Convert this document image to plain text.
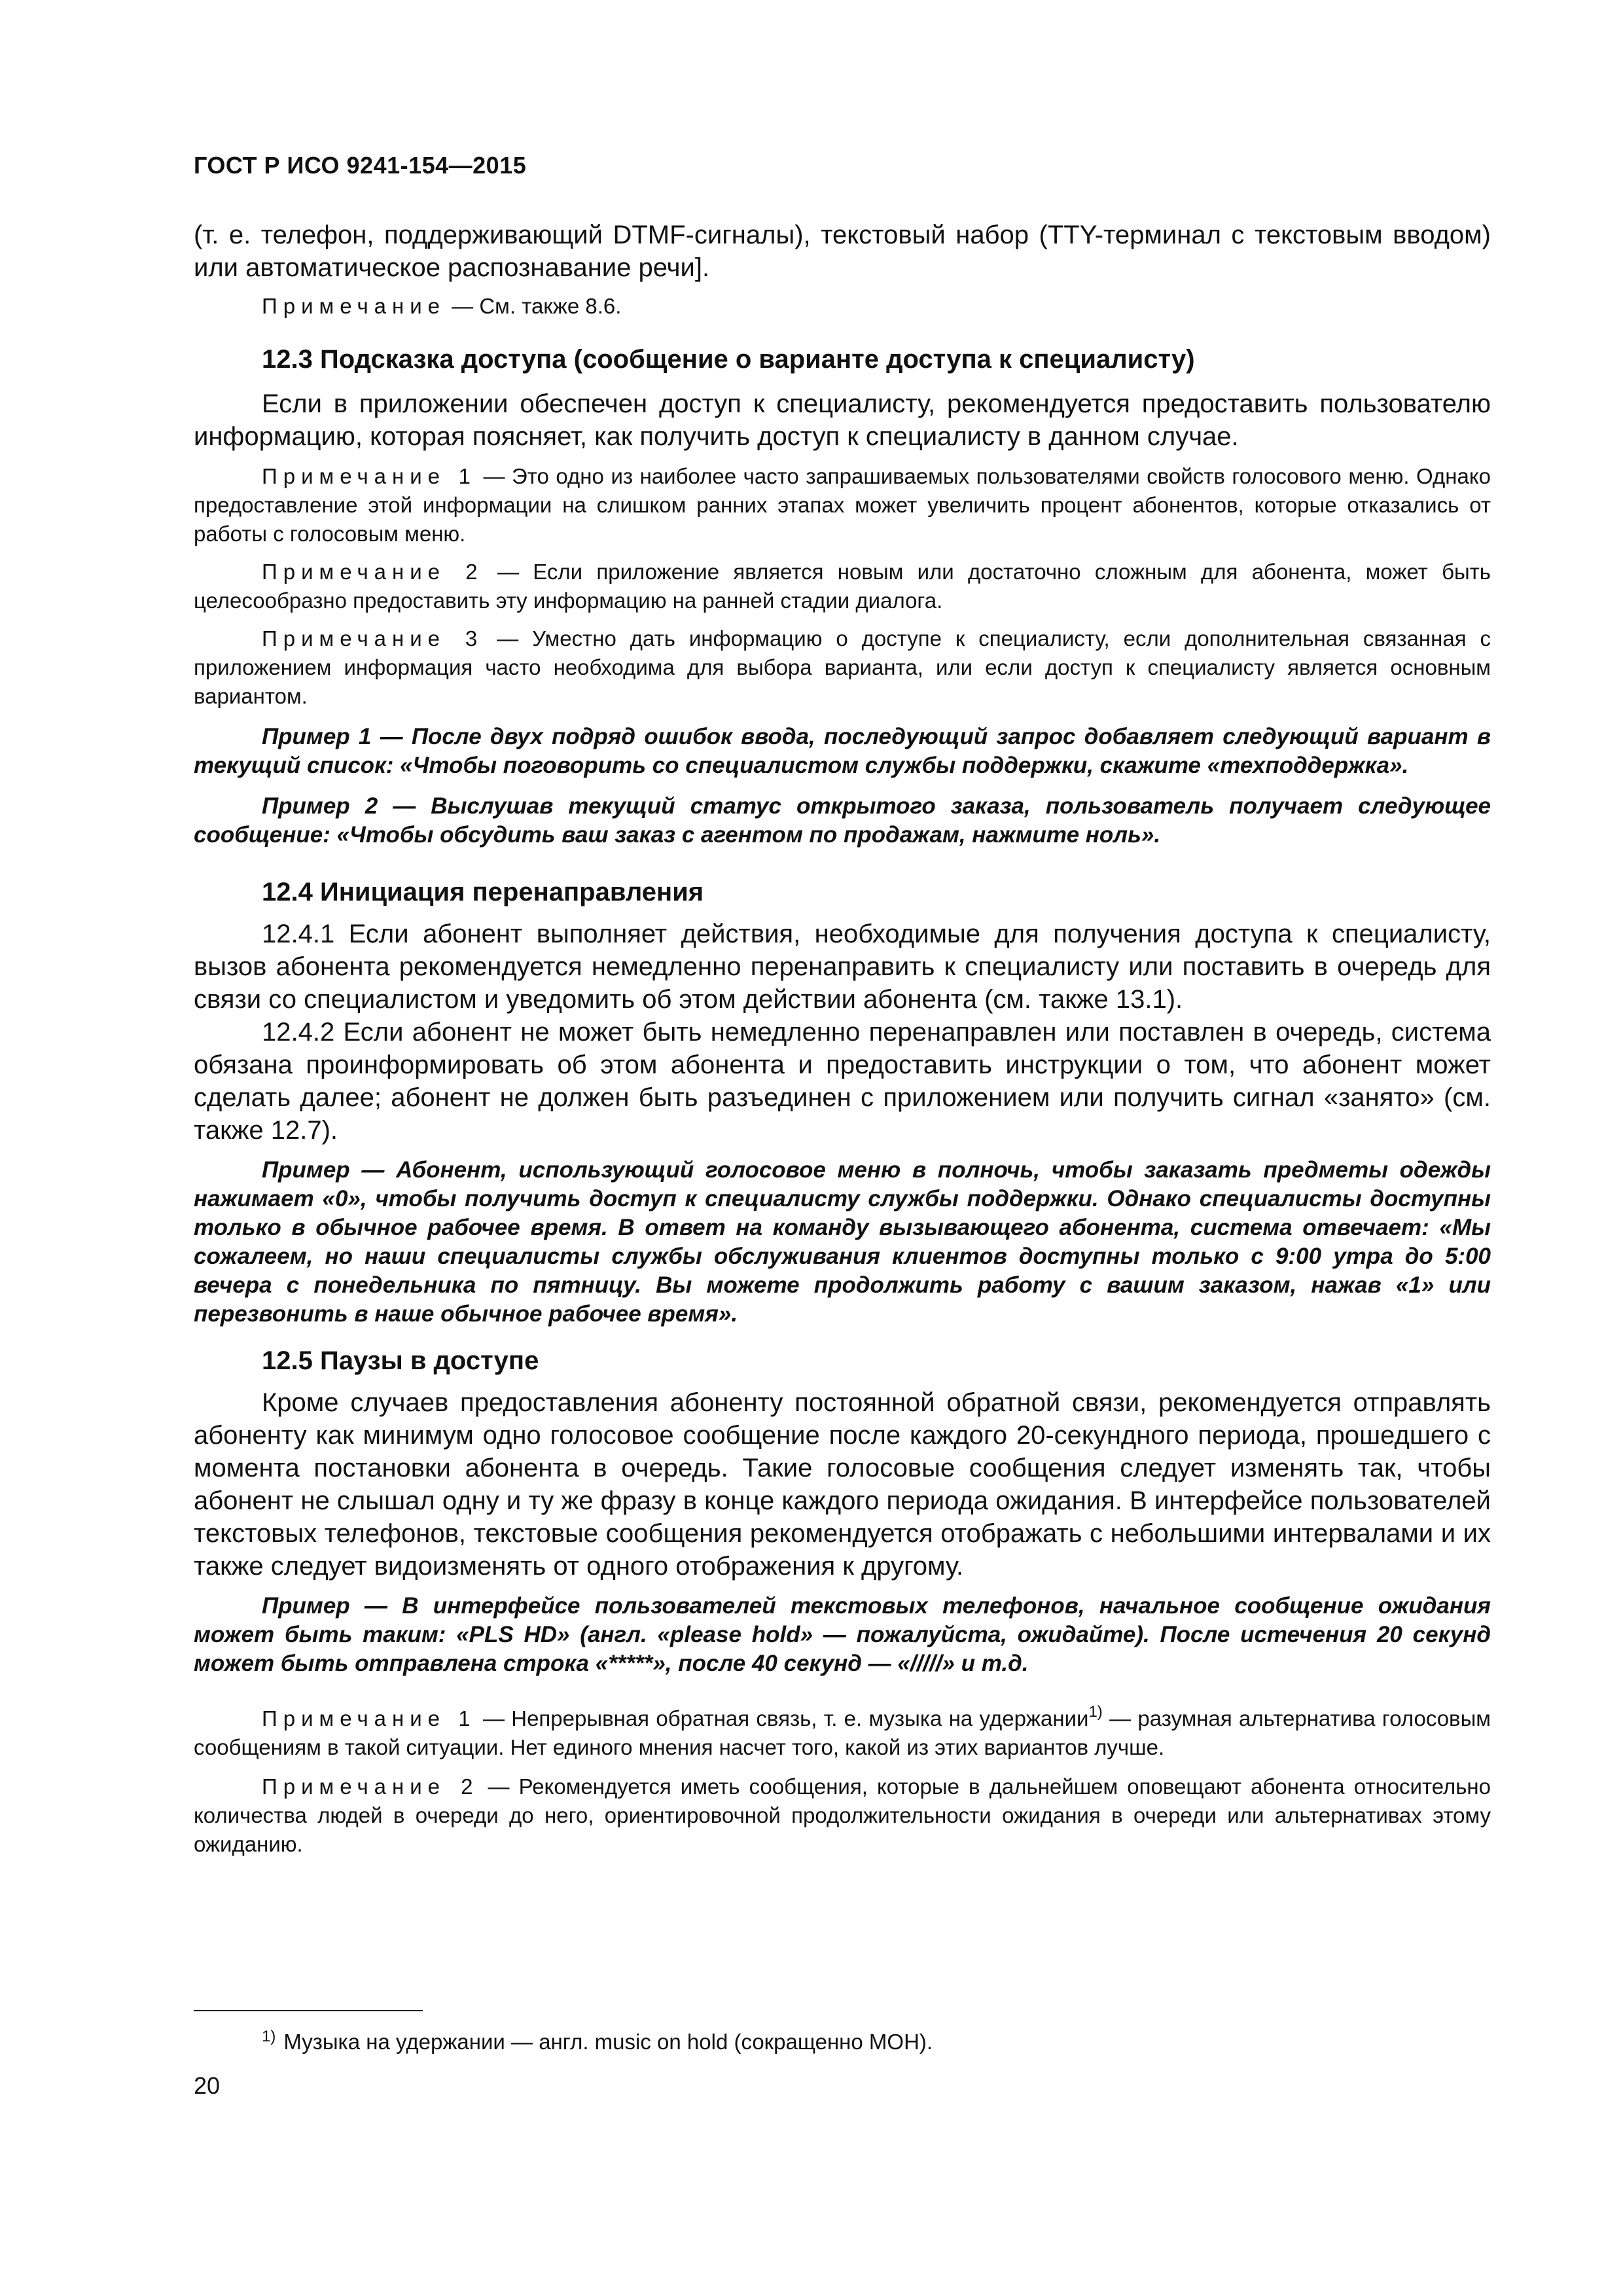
ГОСТ Р ИСО 9241-154—2015

(т. е. телефон, поддерживающий DTMF-сигналы), текстовый набор (TTY-терминал с текстовым вводом) или автоматическое распознавание речи].

Примечание — См. также 8.6.

12.3 Подсказка доступа (сообщение о варианте доступа к специалисту)

Если в приложении обеспечен доступ к специалисту, рекомендуется предоставить пользователю информацию, которая поясняет, как получить доступ к специалисту в данном случае.

Примечание 1 — Это одно из наиболее часто запрашиваемых пользователями свойств голосового меню. Однако предоставление этой информации на слишком ранних этапах может увеличить процент абонентов, которые отказались от работы с голосовым меню.

Примечание 2 — Если приложение является новым или достаточно сложным для абонента, может быть целесообразно предоставить эту информацию на ранней стадии диалога.

Примечание 3 — Уместно дать информацию о доступе к специалисту, если дополнительная связанная с приложением информация часто необходима для выбора варианта, или если доступ к специалисту является основным вариантом.

Пример 1 — После двух подряд ошибок ввода, последующий запрос добавляет следующий вариант в текущий список: «Чтобы поговорить со специалистом службы поддержки, скажите «техподдержка».

Пример 2 — Выслушав текущий статус открытого заказа, пользователь получает следующее сообщение: «Чтобы обсудить ваш заказ с агентом по продажам, нажмите ноль».

12.4 Инициация перенаправления

12.4.1 Если абонент выполняет действия, необходимые для получения доступа к специалисту, вызов абонента рекомендуется немедленно перенаправить к специалисту или поставить в очередь для связи со специалистом и уведомить об этом действии абонента (см. также 13.1).

12.4.2 Если абонент не может быть немедленно перенаправлен или поставлен в очередь, система обязана проинформировать об этом абонента и предоставить инструкции о том, что абонент может сделать далее; абонент не должен быть разъединен с приложением или получить сигнал «занято» (см. также 12.7).

Пример — Абонент, использующий голосовое меню в полночь, чтобы заказать предметы одежды нажимает «0», чтобы получить доступ к специалисту службы поддержки. Однако специалисты доступны только в обычное рабочее время. В ответ на команду вызывающего абонента, система отвечает: «Мы сожалеем, но наши специалисты службы обслуживания клиентов доступны только с 9:00 утра до 5:00 вечера с понедельника по пятницу. Вы можете продолжить работу с вашим заказом, нажав «1» или перезвонить в наше обычное рабочее время».

12.5 Паузы в доступе

Кроме случаев предоставления абоненту постоянной обратной связи, рекомендуется отправлять абоненту как минимум одно голосовое сообщение после каждого 20-секундного периода, прошедшего с момента постановки абонента в очередь. Такие голосовые сообщения следует изменять так, чтобы абонент не слышал одну и ту же фразу в конце каждого периода ожидания. В интерфейсе пользователей текстовых телефонов, текстовые сообщения рекомендуется отображать с небольшими интервалами и их также следует видоизменять от одного отображения к другому.

Пример — В интерфейсе пользователей текстовых телефонов, начальное сообщение ожидания может быть таким: «PLS HD» (англ. «please hold» — пожалуйста, ожидайте). После истечения 20 секунд может быть отправлена строка «*****», после 40 секунд — «/////» и т.д.

Примечание 1 — Непрерывная обратная связь, т. е. музыка на удержании$^{1)}$ — разумная альтернатива голосовым сообщениям в такой ситуации. Нет единого мнения насчет того, какой из этих вариантов лучше.

Примечание 2 — Рекомендуется иметь сообщения, которые в дальнейшем оповещают абонента относительно количества людей в очереди до него, ориентировочной продолжительности ожидания в очереди или альтернативах этому ожиданию.

$^{1)}$ Музыка на удержании — англ. music on hold (сокращенно МОН).
20
